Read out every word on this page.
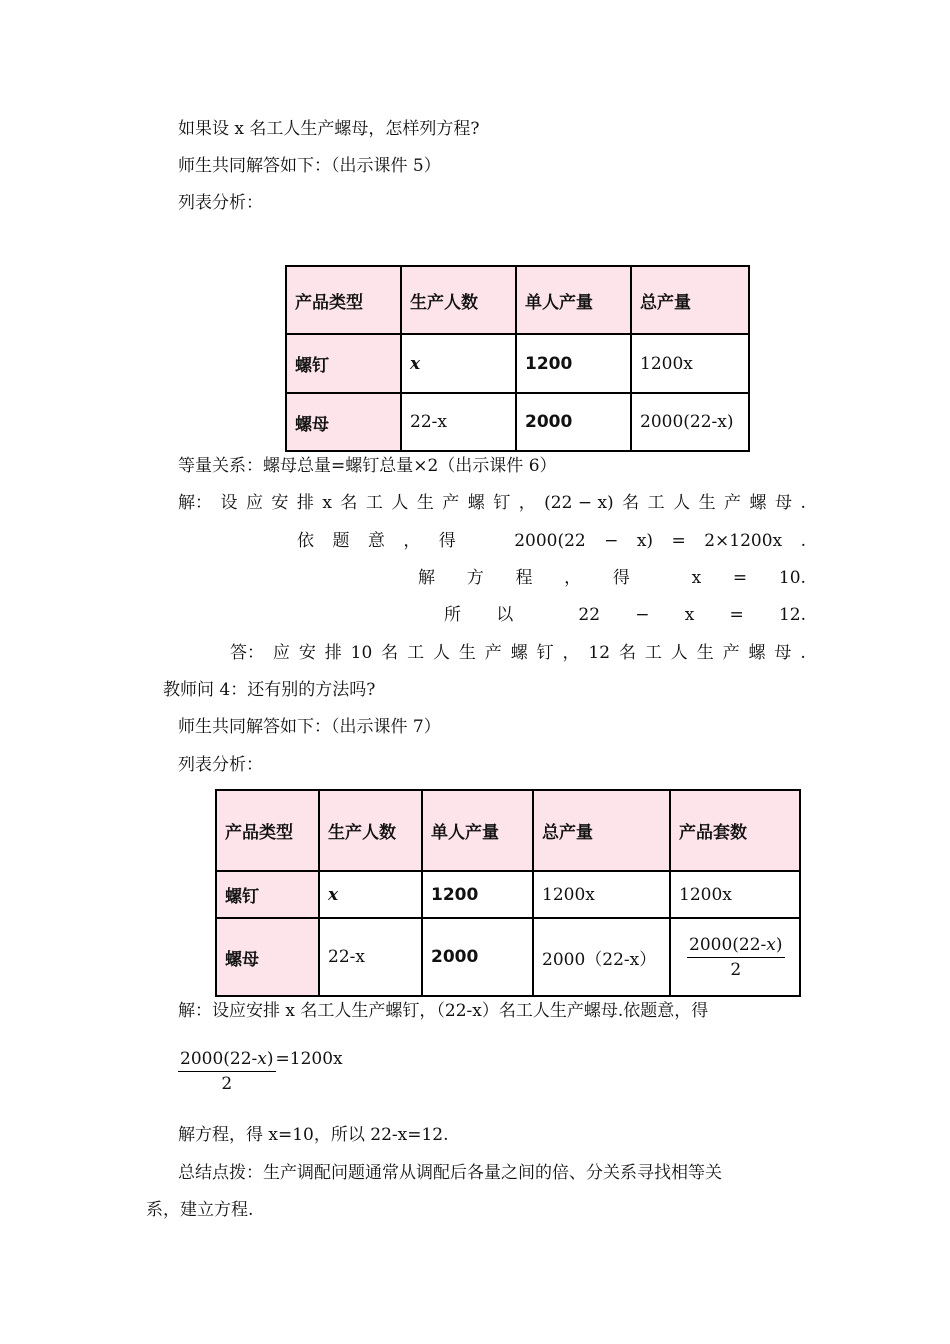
如果设 x 名工人生产螺母，怎样列方程?
师生共同解答如下：（出示课件 5）
列表分析：
产品类型	生产人数	单人产量	总产量
螺钉	x	1200	1200x
螺母	22-x	2000	2000(22-x)
等量关系：螺母总量=螺钉总量×2（出示课件 6）
解： 设 应 安 排 x 名 工 人 生 产 螺 钉 ， (22 − x) 名 工 人 生 产 螺 母 .
依 题 意 ， 得	2000(22 − x) = 2×1200x .
解 方 程 ， 得	x = 10.
所 以	22 − x = 12.
答： 应 安 排 10 名 工 人 生 产 螺 钉 ， 12 名 工 人 生 产 螺 母 .
教师问 4：还有别的方法吗?
师生共同解答如下：（出示课件 7）
列表分析：
产品类型	生产人数	单人产量	总产量	产品套数
螺钉	x	1200	1200x	1200x
螺母	22-x	2000	2000（22-x）	$\frac{2000(22-x)}{2}$
解：设应安排 x 名工人生产螺钉，（22-x）名工人生产螺母.依题意，得
$\frac{2000(22-x)}{2} =1200x$
解方程，得 x=10，所以 22-x=12.
总结点拨：生产调配问题通常从调配后各量之间的倍、分关系寻找相等关
系，建立方程.
